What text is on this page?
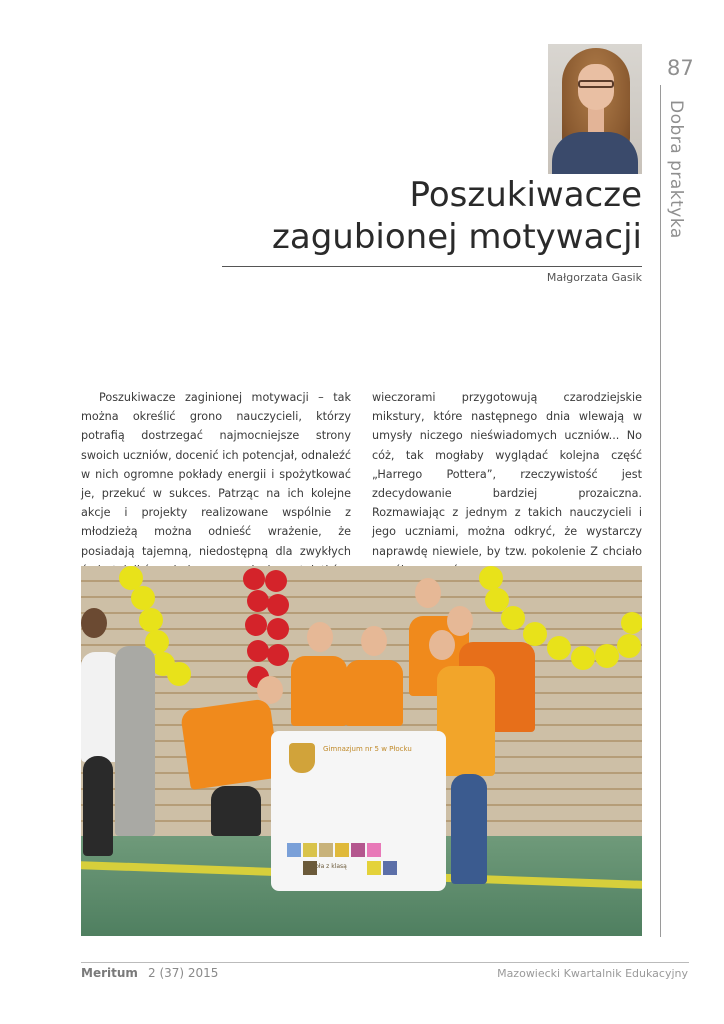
87
Dobra praktyka
Poszukiwacze
zagubionej motywacji
Małgorzata Gasik

Poszukiwacze zaginionej motywacji – tak można określić grono nauczycieli, którzy potrafią dostrzegać najmocniejsze strony swoich uczniów, docenić ich potencjał, odnaleźć w nich ogromne pokłady energii i spożytkować je, przekuć w sukces. Patrząc na ich kolejne akcje i projekty realizowane wspólnie z młodzieżą można odnieść wrażenie, że posiadają tajemną, niedostępną dla zwykłych

wieczorami przygotowują czarodziejskie mikstury, które następnego dnia wlewają w umysły niczego nieświadomych uczniów... No cóż, tak mogłaby wyglądać kolejna część „Harrego Pottera”, rzeczywistość jest zdecydowanie bardziej prozaiczna. Rozmawiając z jednym z takich nauczycieli i jego uczniami, można odkryć, że wystarczy naprawdę niewiele, by tzw. pokolenie Z chciało

Gimnazjum nr 5 w Płocku
Szkoła z klasą
Meritum 2 (37) 2015	Mazowiecki Kwartalnik Edukacyjny
